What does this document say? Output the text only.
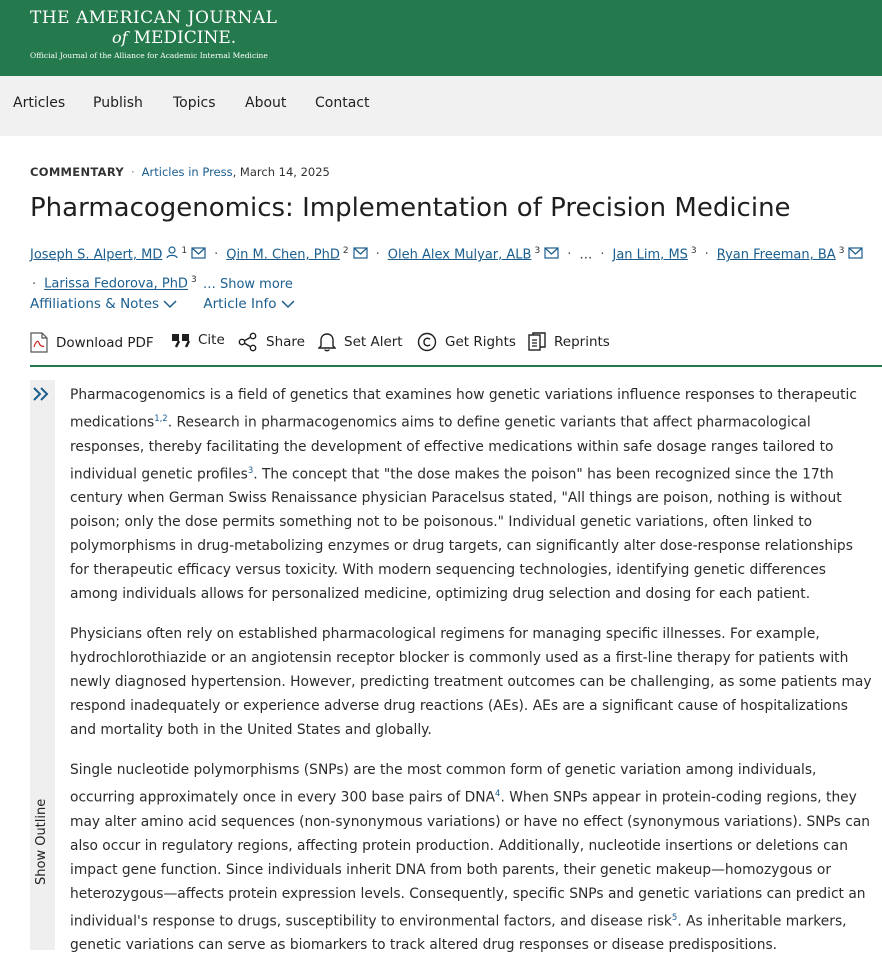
THE AMERICAN JOURNAL
of MEDICINE.
Official Journal of the Alliance for Academic Internal Medicine
Articles Publish Topics About Contact
COMMENTARY · Articles in Press, March 14, 2025
Pharmacogenomics: Implementation of Precision Medicine
Joseph S. Alpert, MD $^1$ · Qin M. Chen, PhD $^2$ · Oleh Alex Mulyar, ALB $^3$ · … · Jan Lim, MS $^3$ · Ryan Freeman, BA $^3$
· Larissa Fedorova, PhD $^3$ … Show more
Affiliations & Notes	Article Info
Download PDF	Cite	Share	Set Alert	Get Rights	Reprints
Show Outline

Pharmacogenomics is a field of genetics that examines how genetic variations influence responses to therapeutic medications$^{1,2}$. Research in pharmacogenomics aims to define genetic variants that affect pharmacological responses, thereby facilitating the development of effective medications within safe dosage ranges tailored to individual genetic profiles$^3$. The concept that "the dose makes the poison" has been recognized since the 17th century when German Swiss Renaissance physician Paracelsus stated, "All things are poison, nothing is without poison; only the dose permits something not to be poisonous." Individual genetic variations, often linked to polymorphisms in drug-metabolizing enzymes or drug targets, can significantly alter dose-response relationships for therapeutic efficacy versus toxicity. With modern sequencing technologies, identifying genetic differences among individuals allows for personalized medicine, optimizing drug selection and dosing for each patient.

Physicians often rely on established pharmacological regimens for managing specific illnesses. For example, hydrochlorothiazide or an angiotensin receptor blocker is commonly used as a first-line therapy for patients with newly diagnosed hypertension. However, predicting treatment outcomes can be challenging, as some patients may respond inadequately or experience adverse drug reactions (AEs). AEs are a significant cause of hospitalizations and mortality both in the United States and globally.

Single nucleotide polymorphisms (SNPs) are the most common form of genetic variation among individuals, occurring approximately once in every 300 base pairs of DNA$^4$. When SNPs appear in protein-coding regions, they may alter amino acid sequences (non-synonymous variations) or have no effect (synonymous variations). SNPs can also occur in regulatory regions, affecting protein production. Additionally, nucleotide insertions or deletions can impact gene function. Since individuals inherit DNA from both parents, their genetic makeup—homozygous or heterozygous—affects protein expression levels. Consequently, specific SNPs and genetic variations can predict an individual's response to drugs, susceptibility to environmental factors, and disease risk$^5$. As inheritable markers, genetic variations can serve as biomarkers to track altered drug responses or disease predispositions.
